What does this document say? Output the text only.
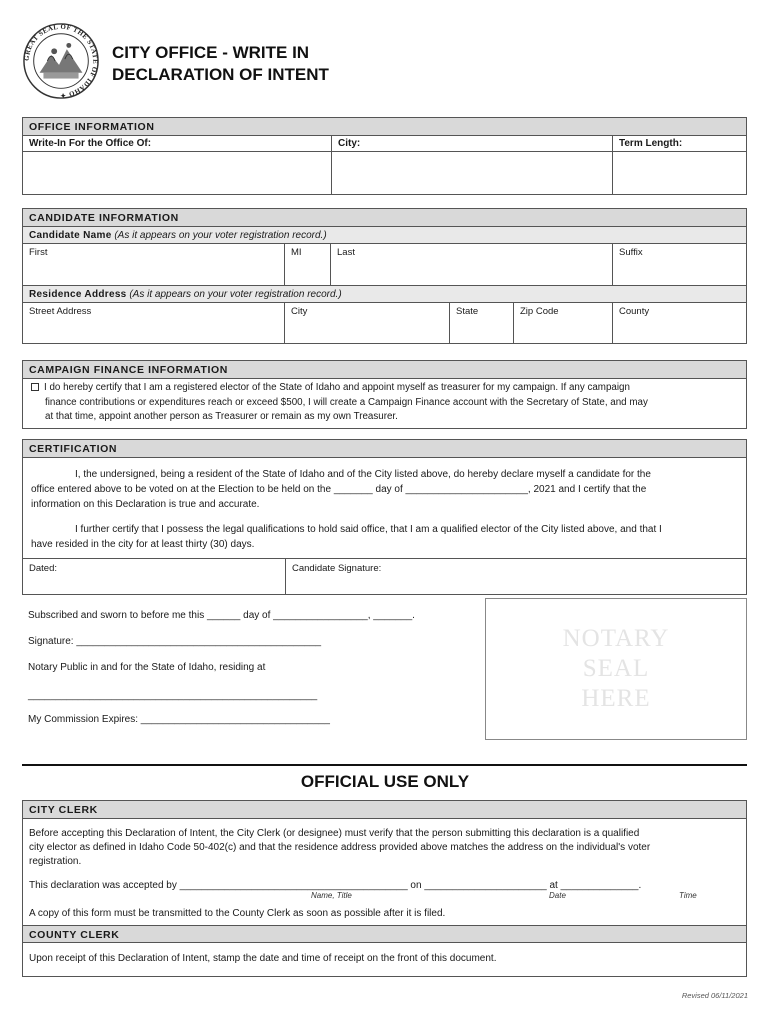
GREAT SEAL OF THE STATE OF IDAHO ✦
CITY OFFICE - WRITE IN
DECLARATION OF INTENT
OFFICE INFORMATION
Write-In For the Office Of:	City:	Term Length:
CANDIDATE INFORMATION
Candidate Name (As it appears on your voter registration record.)
First	MI	Last	Suffix
Residence Address (As it appears on your voter registration record.)
Street Address	City	State	Zip Code	County
CAMPAIGN FINANCE INFORMATION
I do hereby certify that I am a registered elector of the State of Idaho and appoint myself as treasurer for my campaign. If any campaign
finance contributions or expenditures reach or exceed $500, I will create a Campaign Finance account with the Secretary of State, and may
at that time, appoint another person as Treasurer or remain as my own Treasurer.
CERTIFICATION
I, the undersigned, being a resident of the State of Idaho and of the City listed above, do hereby declare myself a candidate for the
office entered above to be voted on at the Election to be held on the _______ day of ______________________, 2021 and I certify that the
information on this Declaration is true and accurate.
I further certify that I possess the legal qualifications to hold said office, that I am a qualified elector of the City listed above, and that I
have resided in the city for at least thirty (30) days.
Dated:	Candidate Signature:
Subscribed and sworn to before me this ______ day of _________________, _______.
Signature: ____________________________________________
Notary Public in and for the State of Idaho, residing at
____________________________________________________
My Commission Expires: __________________________________
NOTARY
SEAL
HERE
OFFICIAL USE ONLY
CITY CLERK
Before accepting this Declaration of Intent, the City Clerk (or designee) must verify that the person submitting this declaration is a qualified
city elector as defined in Idaho Code 50-402(c) and that the residence address provided above matches the address on the individual's voter
registration.
This declaration was accepted by _________________________________________ on ______________________ at ______________.
Name, Title	Date	Time
A copy of this form must be transmitted to the County Clerk as soon as possible after it is filed.
COUNTY CLERK
Upon receipt of this Declaration of Intent, stamp the date and time of receipt on the front of this document.
Revised 06/11/2021
